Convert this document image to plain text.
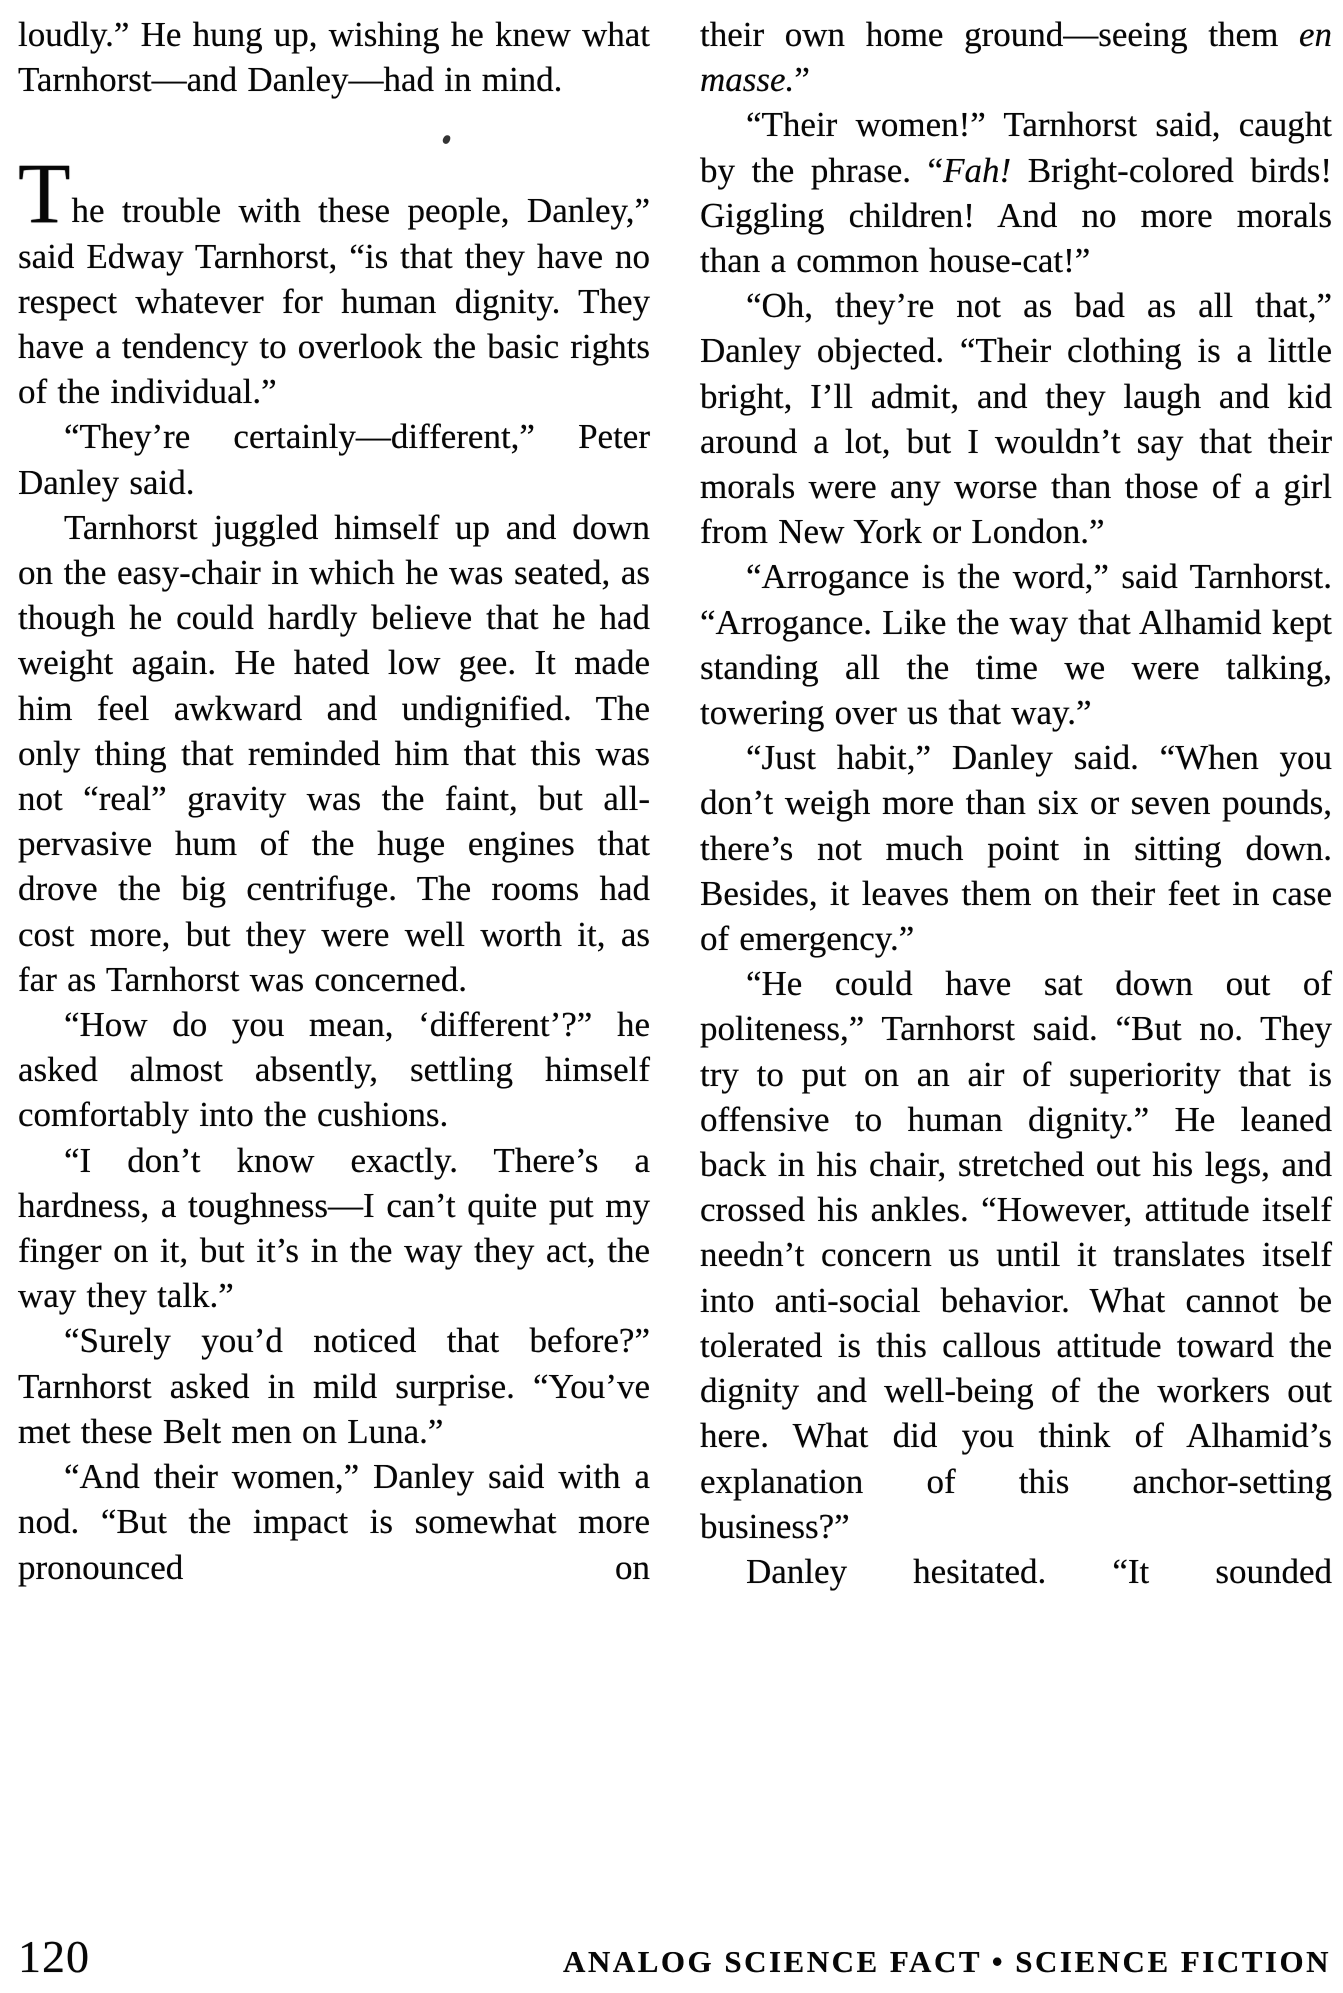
loudly.” He hung up, wishing he knew what Tarnhorst—and Danley—had in mind.

The trouble with these people, Danley,” said Edway Tarnhorst, “is that they have no respect whatever for human dignity. They have a tendency to overlook the basic rights of the individual.”

“They’re certainly—different,” Peter Danley said.

Tarnhorst juggled himself up and down on the easy-chair in which he was seated, as though he could hardly believe that he had weight again. He hated low gee. It made him feel awkward and undignified. The only thing that reminded him that this was not “real” gravity was the faint, but all-pervasive hum of the huge engines that drove the big centrifuge. The rooms had cost more, but they were well worth it, as far as Tarnhorst was concerned.

“How do you mean, ‘different’?” he asked almost absently, settling himself comfortably into the cushions.

“I don’t know exactly. There’s a hardness, a toughness—I can’t quite put my finger on it, but it’s in the way they act, the way they talk.”

“Surely you’d noticed that before?” Tarnhorst asked in mild surprise. “You’ve met these Belt men on Luna.”

“And their women,” Danley said with a nod. “But the impact is somewhat more pronounced on

their own home ground—seeing them en masse.”

“Their women!” Tarnhorst said, caught by the phrase. “Fah! Bright-colored birds! Giggling children! And no more morals than a common house-cat!”

“Oh, they’re not as bad as all that,” Danley objected. “Their clothing is a little bright, I’ll admit, and they laugh and kid around a lot, but I wouldn’t say that their morals were any worse than those of a girl from New York or London.”

“Arrogance is the word,” said Tarnhorst. “Arrogance. Like the way that Alhamid kept standing all the time we were talking, towering over us that way.”

“Just habit,” Danley said. “When you don’t weigh more than six or seven pounds, there’s not much point in sitting down. Besides, it leaves them on their feet in case of emergency.”

“He could have sat down out of politeness,” Tarnhorst said. “But no. They try to put on an air of superiority that is offensive to human dignity.” He leaned back in his chair, stretched out his legs, and crossed his ankles. “However, attitude itself needn’t concern us until it translates itself into anti-social behavior. What cannot be tolerated is this callous attitude toward the dignity and well-being of the workers out here. What did you think of Alhamid’s explanation of this anchor-setting business?”

Danley hesitated. “It sounded

120	ANALOG SCIENCE FACT • SCIENCE FICTION
